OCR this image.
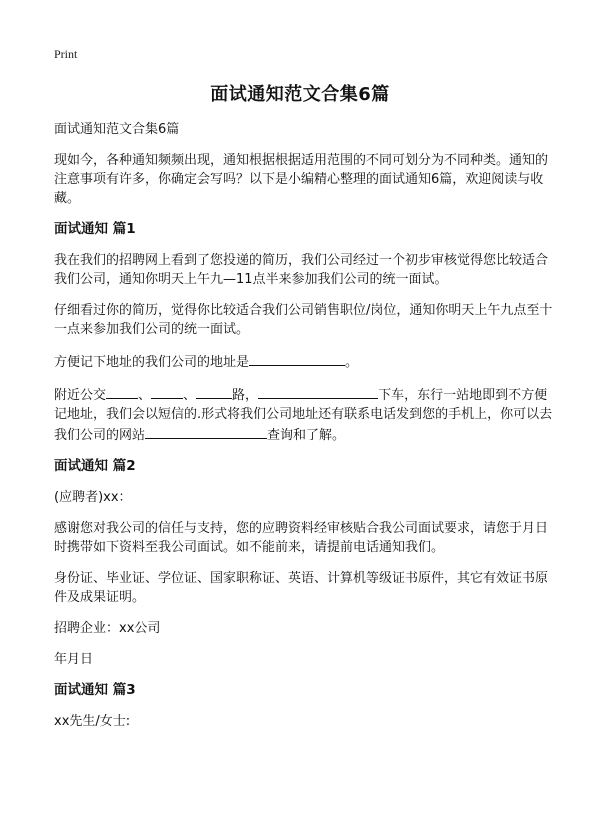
Print
面试通知范文合集6篇

面试通知范文合集6篇

现如今，各种通知频频出现，通知根据根据适用范围的不同可划分为不同种类。通知的注意事项有许多，你确定会写吗？以下是小编精心整理的面试通知6篇，欢迎阅读与收藏。

面试通知 篇1

我在我们的招聘网上看到了您投递的简历，我们公司经过一个初步审核觉得您比较适合我们公司，通知你明天上午九—11点半来参加我们公司的统一面试。

仔细看过你的简历，觉得你比较适合我们公司销售职位/岗位，通知你明天上午九点至十一点来参加我们公司的统一面试。

方便记下地址的我们公司的地址是	。

附近公交 、 、	路，	下车，东行一站地即到不方便记地址，我们会以短信的.形式将我们公司地址还有联系电话发到您的手机上，你可以去我们公司的网站	查询和了解。

面试通知 篇2

(应聘者)xx：

感谢您对我公司的信任与支持，您的应聘资料经审核贴合我公司面试要求，请您于月日时携带如下资料至我公司面试。如不能前来，请提前电话通知我们。

身份证、毕业证、学位证、国家职称证、英语、计算机等级证书原件，其它有效证书原件及成果证明。

招聘企业：xx公司

年月日

面试通知 篇3

xx先生/女士:
